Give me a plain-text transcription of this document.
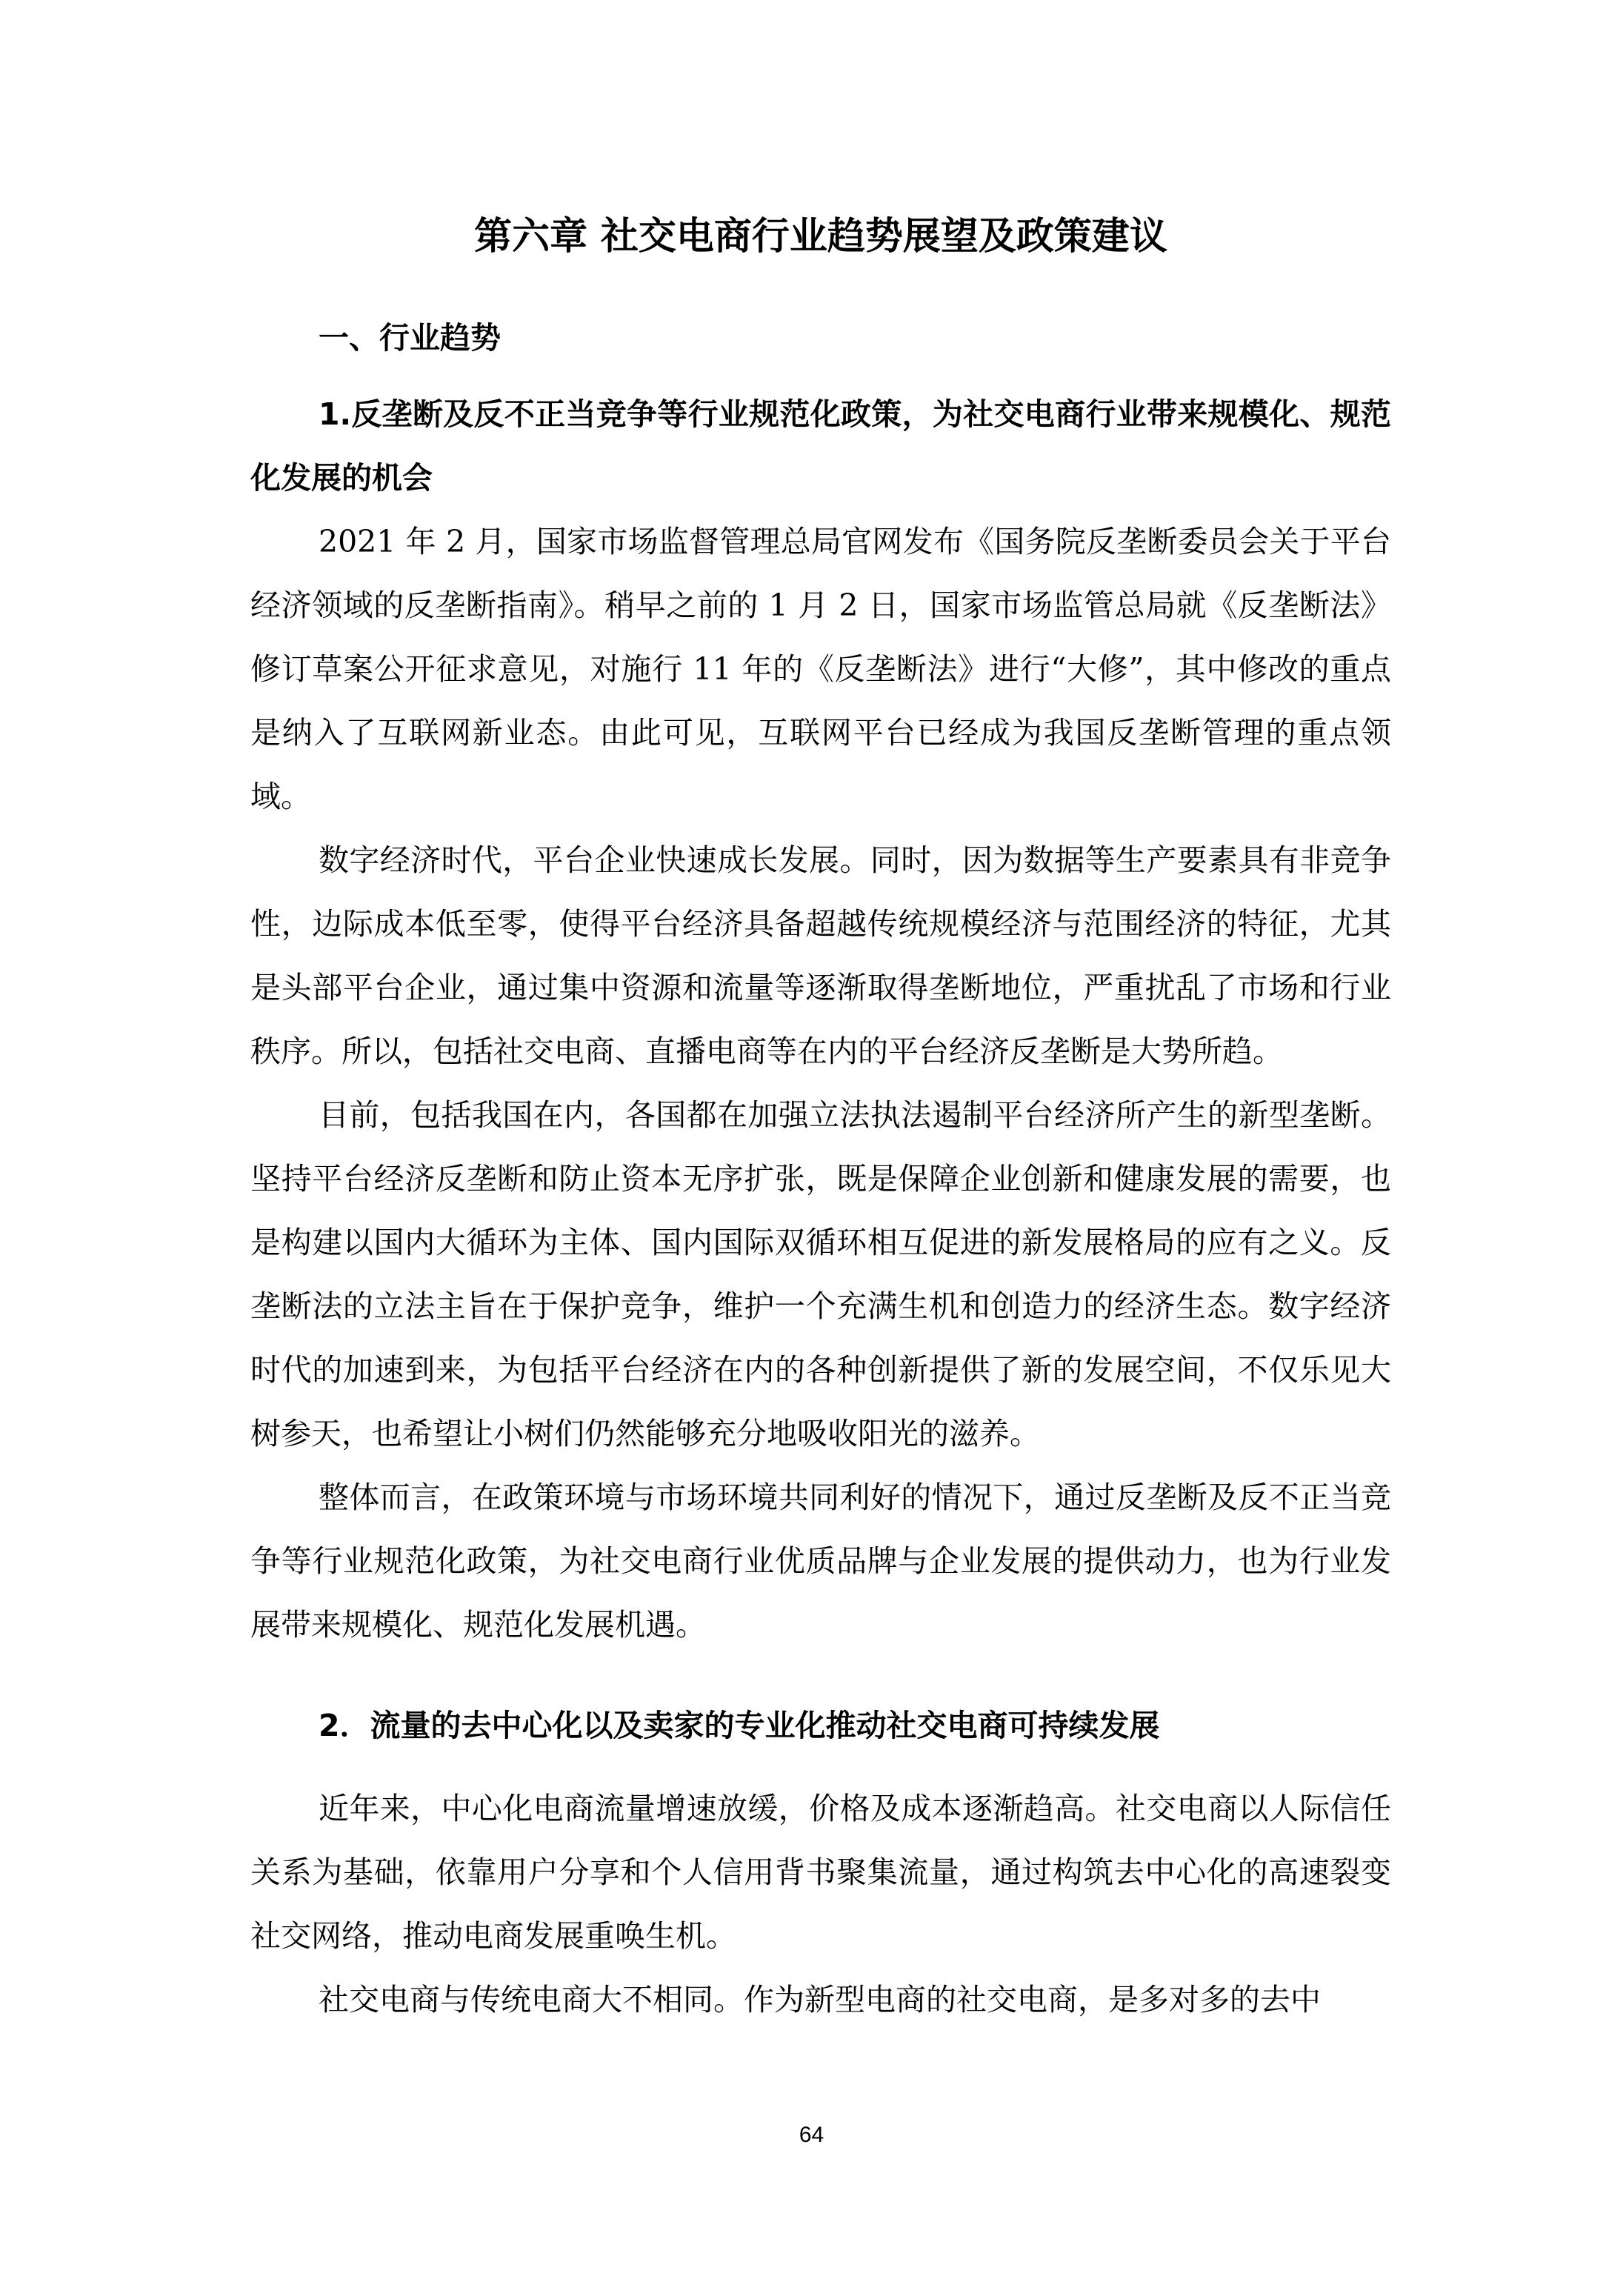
第六章 社交电商行业趋势展望及政策建议
一、行业趋势
1.反垄断及反不正当竞争等行业规范化政策，为社交电商行业带来规模化、规范化发展的机会

2021 年 2 月，国家市场监督管理总局官网发布《国务院反垄断委员会关于平台经济领域的反垄断指南》。稍早之前的 1 月 2 日，国家市场监管总局就《反垄断法》修订草案公开征求意见，对施行 11 年的《反垄断法》进行“大修”，其中修改的重点是纳入了互联网新业态。由此可见，互联网平台已经成为我国反垄断管理的重点领域。

数字经济时代，平台企业快速成长发展。同时，因为数据等生产要素具有非竞争性，边际成本低至零，使得平台经济具备超越传统规模经济与范围经济的特征，尤其是头部平台企业，通过集中资源和流量等逐渐取得垄断地位，严重扰乱了市场和行业秩序。所以，包括社交电商、直播电商等在内的平台经济反垄断是大势所趋。

目前，包括我国在内，各国都在加强立法执法遏制平台经济所产生的新型垄断。坚持平台经济反垄断和防止资本无序扩张，既是保障企业创新和健康发展的需要，也是构建以国内大循环为主体、国内国际双循环相互促进的新发展格局的应有之义。反垄断法的立法主旨在于保护竞争，维护一个充满生机和创造力的经济生态。数字经济时代的加速到来，为包括平台经济在内的各种创新提供了新的发展空间，不仅乐见大树参天，也希望让小树们仍然能够充分地吸收阳光的滋养。

整体而言，在政策环境与市场环境共同利好的情况下，通过反垄断及反不正当竞争等行业规范化政策，为社交电商行业优质品牌与企业发展的提供动力，也为行业发展带来规模化、规范化发展机遇。

2．流量的去中心化以及卖家的专业化推动社交电商可持续发展

近年来，中心化电商流量增速放缓，价格及成本逐渐趋高。社交电商以人际信任关系为基础，依靠用户分享和个人信用背书聚集流量，通过构筑去中心化的高速裂变社交网络，推动电商发展重唤生机。

社交电商与传统电商大不相同。作为新型电商的社交电商，是多对多的去中

64
